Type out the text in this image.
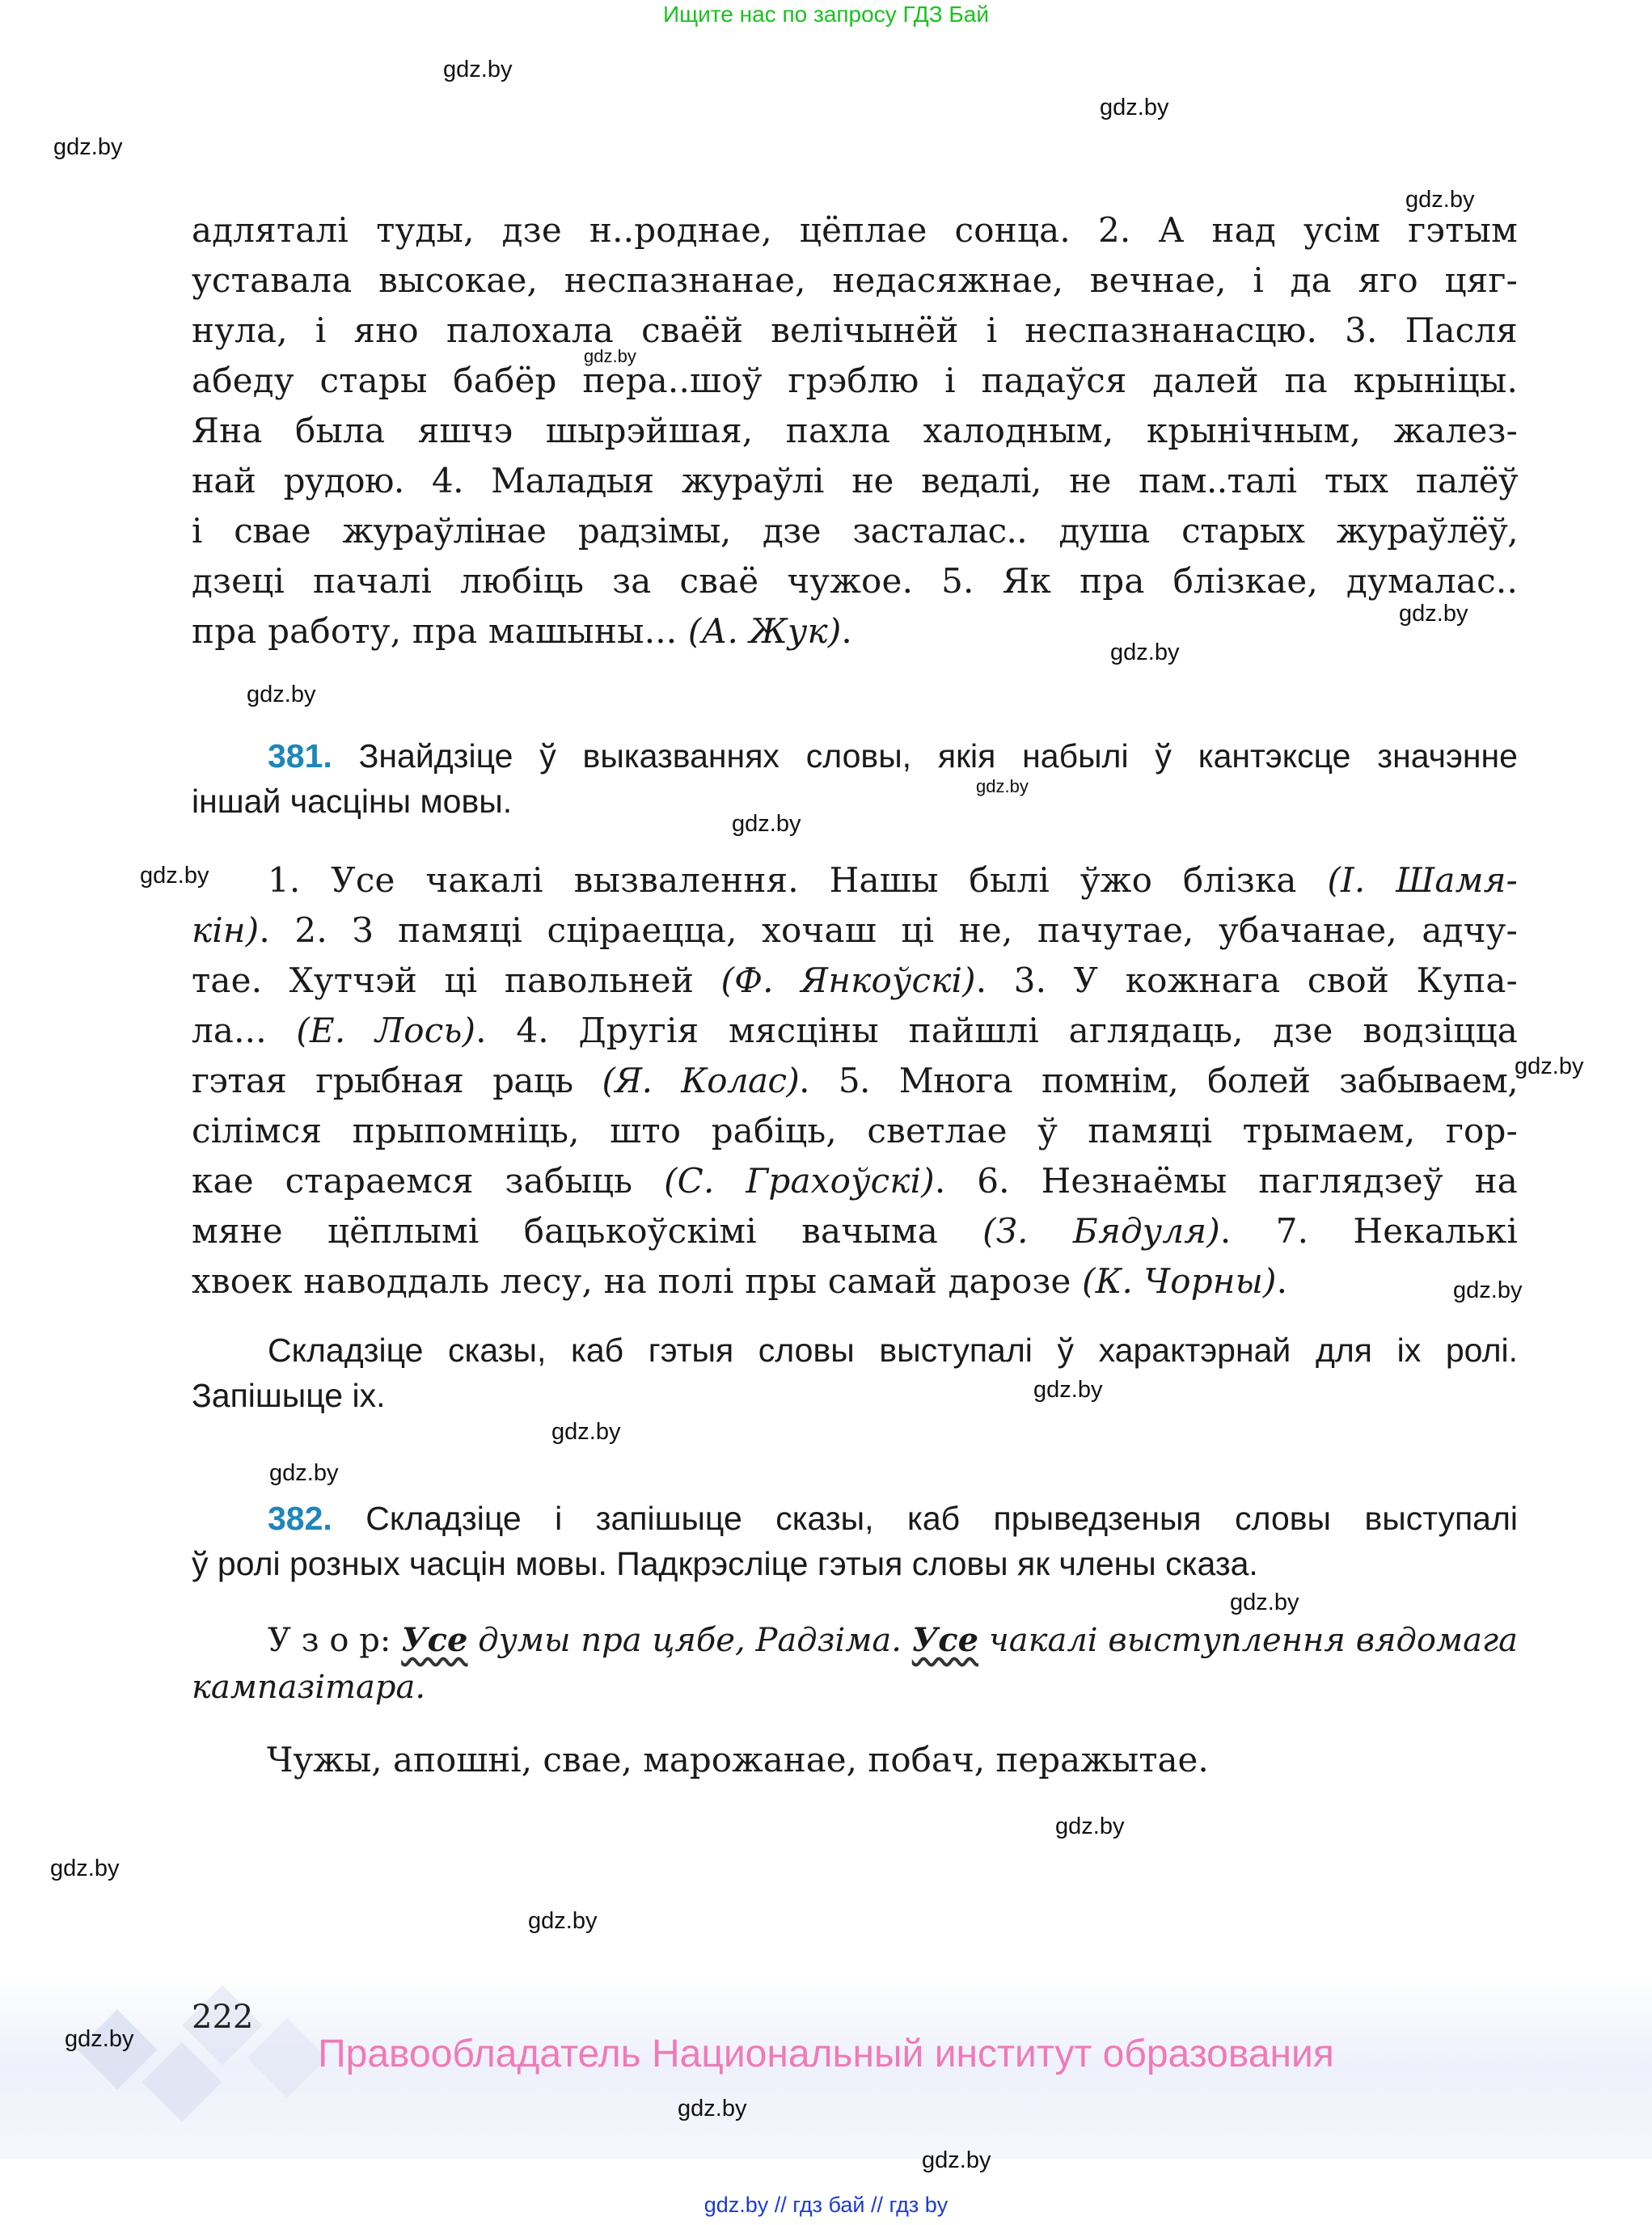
Ищите нас по запросу ГДЗ Бай
gdz.by
gdz.by
gdz.by
gdz.by
gdz.by
gdz.by
gdz.by
gdz.by
gdz.by
gdz.by
gdz.by
gdz.by
gdz.by
gdz.by
gdz.by
gdz.by
gdz.by
gdz.by
gdz.by
gdz.by
адляталі туды, дзе н..роднае, цёплае сонца. 2. А над усім гэтым
уставала высокае, неспазнанае, недасяжнае, вечнае, і да яго цяг-
нула, і яно палохала сваёй велічынёй і неспазнанасцю. 3. Пасля
абеду стары бабёр пера..шоў грэблю і падаўся далей па крыніцы.
Яна была яшчэ шырэйшая, пахла халодным, крынічным, жалез-
най рудою. 4. Маладыя жураўлі не ведалі, не пам..талі тых палёў
і свае жураўлінае радзімы, дзе засталас.. душа старых жураўлёў,
дзеці пачалі любіць за сваё чужое. 5. Як пра блізкае, думалас..
пра работу, пра машыны... (А. Жук).
381. Знайдзіце ў выказваннях словы, якія набылі ў кантэксце значэнне
іншай часціны мовы.
1. Усе чакалі вызвалення. Нашы былі ўжо блізка (І. Шамя-
кін). 2. З памяці сціраецца, хочаш ці не, пачутае, убачанае, адчу-
тае. Хутчэй ці павольней (Ф. Янкоўскі). 3. У кожнага свой Купа-
ла... (Е. Лось). 4. Другія мясціны пайшлі аглядаць, дзе водзіцца
гэтая грыбная раць (Я. Колас). 5. Многа помнім, болей забываем,
сілімся прыпомніць, што рабіць, светлае ў памяці трымаем, гор-
кае стараемся забыць (С. Грахоўскі). 6. Незнаёмы паглядзеў на
мяне цёплымі бацькоўскімі вачыма (З. Бядуля). 7. Некалькі
хвоек наводдаль лесу, на полі пры самай дарозе (К. Чорны).
Складзіце сказы, каб гэтыя словы выступалі ў характэрнай для іх ролі.
Запішыце іх.
382. Складзіце і запішыце сказы, каб прыведзеныя словы выступалі
ў ролі розных часцін мовы. Падкрэсліце гэтыя словы як члены сказа.
У з о р: Усе думы пра цябе, Радзіма. Усе чакалі выступлення вядомага
кампазітара.
Чужы, апошні, свае, марожанае, побач, перажытае.
222
gdz.by	Правообладатель Национальный институт образования
gdz.by
gdz.by
gdz.by // гдз бай // гдз by
